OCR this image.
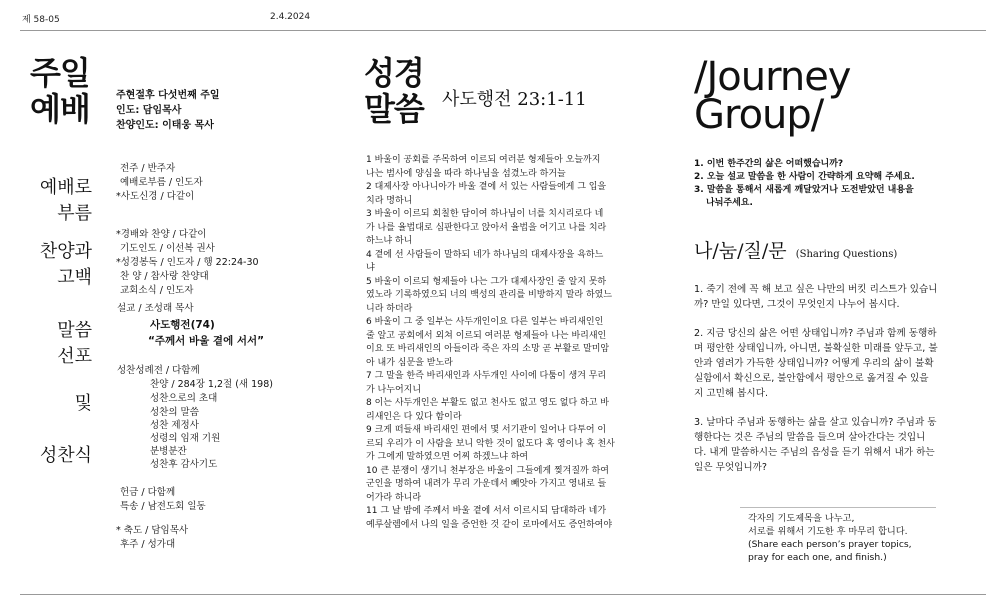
제 58-05	2.4.2024
주일
예배	주현절후 다섯번째 주일
인도: 담임목사
찬양인도: 이태웅 목사
예배로
부름
찬양과
고백
말씀
선포
및
성찬식
전주 / 반주자
예배로부름 / 인도자
*사도신경 / 다같이
*경배와 찬양 / 다같이
기도인도 / 이선복 권사
*성경봉독 / 인도자 / 행 22:24-30
찬 양 / 참사랑 찬양대
교회소식 / 인도자
설교 / 조성래 목사
사도행전(74)
“주께서 바울 곁에 서서”
성찬성례전 / 다함께
찬양 / 284장 1,2절 (새 198)
성찬으로의 초대
성찬의 말씀
성찬 제정사
성령의 임재 기원
분병분잔
성찬후 감사기도
헌금 / 다함께
특송 / 남전도회 일동
* 축도 / 담임목사
후주 / 성가대
성경
말씀 사도행전 23:1-11
1 바울이 공회를 주목하여 이르되 여러분 형제들아 오늘까지
나는 범사에 양심을 따라 하나님을 섬겼노라 하거늘
2 대제사장 아나니아가 바울 곁에 서 있는 사람들에게 그 입을
치라 명하니
3 바울이 이르되 회칠한 담이여 하나님이 너를 치시리로다 네
가 나를 율법대로 심판한다고 앉아서 율법을 어기고 나를 치라
하느냐 하니
4 곁에 선 사람들이 말하되 네가 하나님의 대제사장을 욕하느
냐
5 바울이 이르되 형제들아 나는 그가 대제사장인 줄 알지 못하
였노라 기록하였으되 너의 백성의 관리를 비방하지 말라 하였느
니라 하더라
6 바울이 그 중 일부는 사두개인이요 다른 일부는 바리새인인
줄 알고 공회에서 외쳐 이르되 여러분 형제들아 나는 바리새인
이요 또 바리새인의 아들이라 죽은 자의 소망 곧 부활로 말미암
아 내가 심문을 받노라
7 그 말을 한즉 바리새인과 사두개인 사이에 다툼이 생겨 무리
가 나누어지니
8 이는 사두개인은 부활도 없고 천사도 없고 영도 없다 하고 바
리새인은 다 있다 함이라
9 크게 떠들새 바리새인 편에서 몇 서기관이 일어나 다투어 이
르되 우리가 이 사람을 보니 악한 것이 없도다 혹 영이나 혹 천사
가 그에게 말하였으면 어찌 하겠느냐 하여
10 큰 분쟁이 생기니 천부장은 바울이 그들에게 찢겨질까 하여
군인을 명하여 내려가 무리 가운데서 빼앗아 가지고 영내로 들
어가라 하니라
11 그 날 밤에 주께서 바울 곁에 서서 이르시되 담대하라 네가
예루살렘에서 나의 일을 증언한 것 같이 로마에서도 증언하여야
/Journey
Group/
1. 이번 한주간의 삶은 어떠했습니까?
2. 오늘 설교 말씀을 한 사람이 간략하게 요약해 주세요.
3. 말씀을 통해서 새롭게 깨달았거나 도전받았던 내용을
나눠주세요.
나/눔/질/문 (Sharing Questions)

1. 죽기 전에 꼭 해 보고 싶은 나만의 버킷 리스트가 있습니
까? 만일 있다면, 그것이 무엇인지 나누어 봅시다.

2. 지금 당신의 삶은 어떤 상태입니까? 주님과 함께 동행하
며 평안한 상태입니까, 아니면, 불확실한 미래를 앞두고, 불
안과 염려가 가득한 상태입니까? 어떻게 우리의 삶이 불확
실함에서 확신으로, 불안함에서 평안으로 옮겨질 수 있을
지 고민해 봅시다.

3. 날마다 주님과 동행하는 삶을 살고 있습니까? 주님과 동
행한다는 것은 주님의 말씀을 들으며 살아간다는 것입니
다. 내게 말씀하시는 주님의 음성을 듣기 위해서 내가 하는
일은 무엇입니까?

각자의 기도제목을 나누고,
서로를 위해서 기도한 후 마무리 합니다.
(Share each person’s prayer topics,
pray for each one, and finish.)
